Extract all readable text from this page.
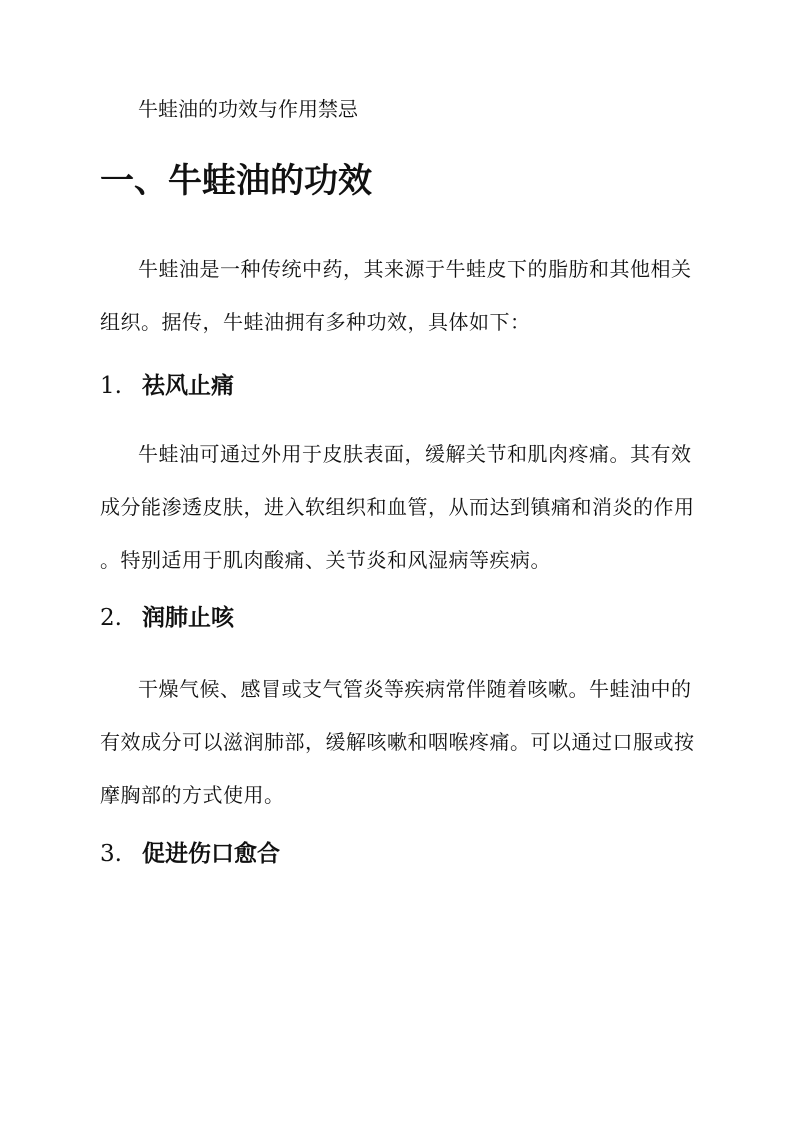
牛蛙油的功效与作用禁忌
一、牛蛙油的功效
牛蛙油是一种传统中药，其来源于牛蛙皮下的脂肪和其他相关
组织。据传，牛蛙油拥有多种功效，具体如下：
1. 祛风止痛
牛蛙油可通过外用于皮肤表面，缓解关节和肌肉疼痛。其有效
成分能渗透皮肤，进入软组织和血管，从而达到镇痛和消炎的作用
。特别适用于肌肉酸痛、关节炎和风湿病等疾病。
2. 润肺止咳
干燥气候、感冒或支气管炎等疾病常伴随着咳嗽。牛蛙油中的
有效成分可以滋润肺部，缓解咳嗽和咽喉疼痛。可以通过口服或按
摩胸部的方式使用。
3. 促进伤口愈合
